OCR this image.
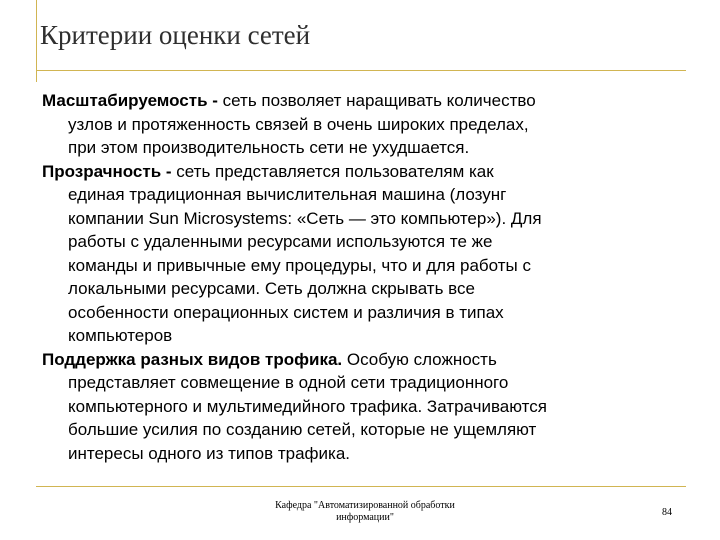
Критерии оценки сетей
Масштабируемость - сеть позволяет наращивать количество
узлов и протяженность связей в очень широких пределах,
при этом производительность сети не ухудшается.
Прозрачность - сеть представляется пользователям как
единая традиционная вычислительная машина (лозунг
компании Sun Microsystems: «Сеть — это компьютер»). Для
работы с удаленными ресурсами используются те же
команды и привычные ему процедуры, что и для работы с
локальными ресурсами. Сеть должна скрывать все
особенности операционных систем и различия в типах
компьютеров
Поддержка разных видов трофика. Особую сложность
представляет совмещение в одной сети традиционного
компьютерного и мультимедийного трафика. Затрачиваются
большие усилия по созданию сетей, которые не ущемляют
интересы одного из типов трафика.
Кафедра "Автоматизированной обработки
информации"	84
